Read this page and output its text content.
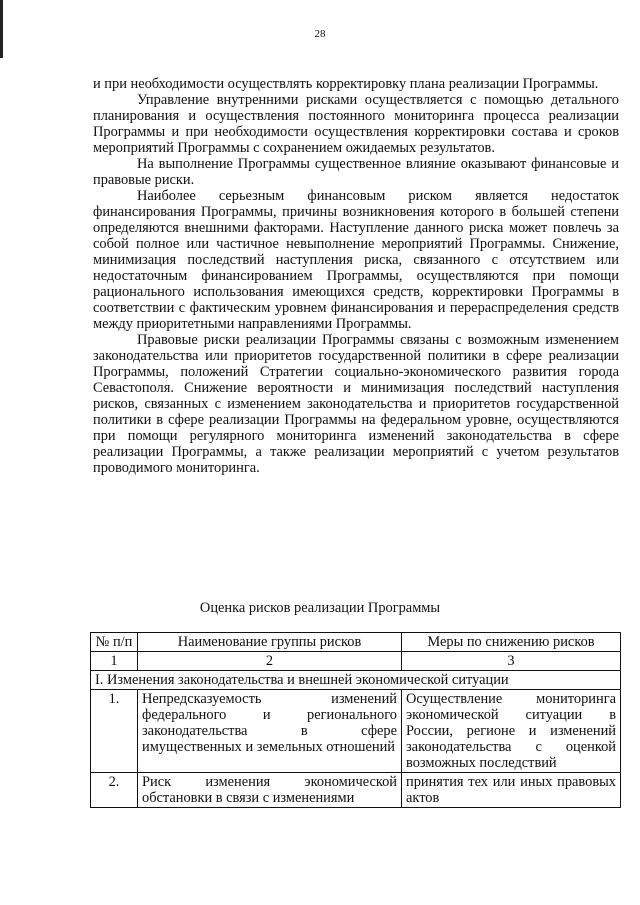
28

и при необходимости осуществлять корректировку плана реализации Программы.

Управление внутренними рисками осуществляется с помощью детального планирования и осуществления постоянного мониторинга процесса реализации Программы и при необходимости осуществления корректировки состава и сроков мероприятий Программы с сохранением ожидаемых результатов.

На выполнение Программы существенное влияние оказывают финансовые и правовые риски.

Наиболее серьезным финансовым риском является недостаток финансирования Программы, причины возникновения которого в большей степени определяются внешними факторами. Наступление данного риска может повлечь за собой полное или частичное невыполнение мероприятий Программы. Снижение, минимизация последствий наступления риска, связанного с отсутствием или недостаточным финансированием Программы, осуществляются при помощи рационального использования имеющихся средств, корректировки Программы в соответствии с фактическим уровнем финансирования и перераспределения средств между приоритетными направлениями Программы.

Правовые риски реализации Программы связаны с возможным изменением законодательства или приоритетов государственной политики в сфере реализации Программы, положений Стратегии социально-экономического развития города Севастополя. Снижение вероятности и минимизация последствий наступления рисков, связанных с изменением законодательства и приоритетов государственной политики в сфере реализации Программы на федеральном уровне, осуществляются при помощи регулярного мониторинга изменений законодательства в сфере реализации Программы, а также реализации мероприятий с учетом результатов проводимого мониторинга.

Оценка рисков реализации Программы
№ п/п	Наименование группы рисков	Меры по снижению рисков
1	2	3
I. Изменения законодательства и внешней экономической ситуации		
1.	Непредсказуемость изменений федерального и регионального законодательства в сфере имущественных и земельных отношений	Осуществление мониторинга экономической ситуации в России, регионе и изменений законодательства с оценкой возможных последствий
2.	Риск изменения экономической обстановки в связи с изменениями	принятия тех или иных правовых актов
